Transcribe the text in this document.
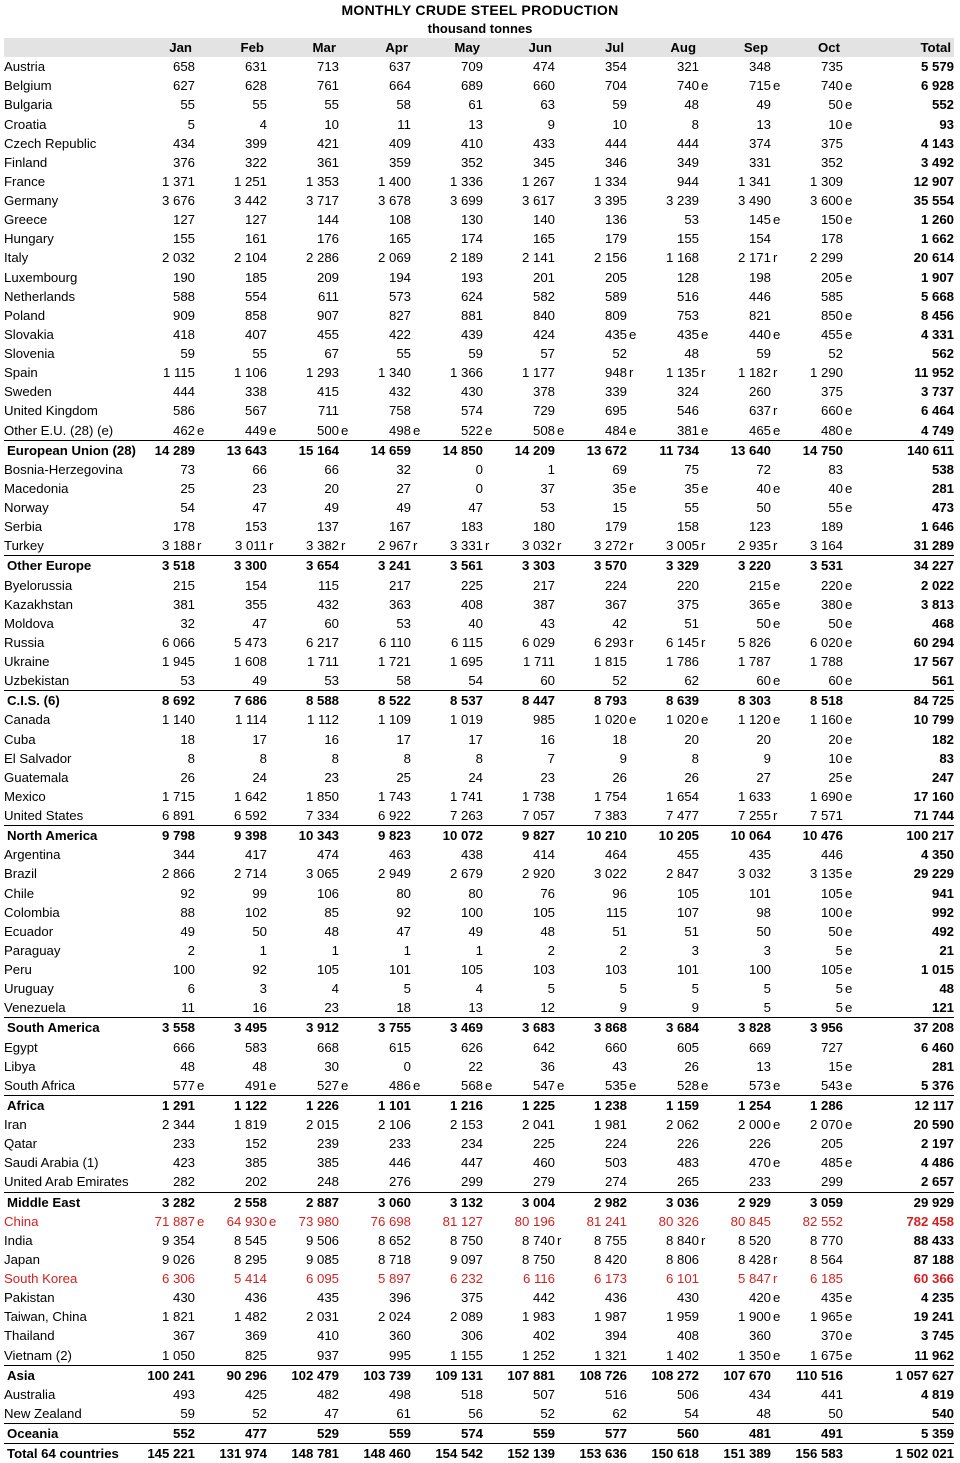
MONTHLY CRUDE STEEL PRODUCTION
thousand tonnes
	Jan	Feb	Mar	Apr	May	Jun	Jul	Aug	Sep	Oct	Total
Austria	658	631	713	637	709	474	354	321	348	735	5 579
Belgium	627	628	761	664	689	660	704	740 e	715 e	740 e	6 928
Bulgaria	55	55	55	58	61	63	59	48	49	50 e	552
Croatia	5	4	10	11	13	9	10	8	13	10 e	93
Czech Republic	434	399	421	409	410	433	444	444	374	375	4 143
Finland	376	322	361	359	352	345	346	349	331	352	3 492
France	1 371	1 251	1 353	1 400	1 336	1 267	1 334	944	1 341	1 309	12 907
Germany	3 676	3 442	3 717	3 678	3 699	3 617	3 395	3 239	3 490	3 600 e	35 554
Greece	127	127	144	108	130	140	136	53	145 e	150 e	1 260
Hungary	155	161	176	165	174	165	179	155	154	178	1 662
Italy	2 032	2 104	2 286	2 069	2 189	2 141	2 156	1 168	2 171 r	2 299	20 614
Luxembourg	190	185	209	194	193	201	205	128	198	205 e	1 907
Netherlands	588	554	611	573	624	582	589	516	446	585	5 668
Poland	909	858	907	827	881	840	809	753	821	850 e	8 456
Slovakia	418	407	455	422	439	424	435 e	435 e	440 e	455 e	4 331
Slovenia	59	55	67	55	59	57	52	48	59	52	562
Spain	1 115	1 106	1 293	1 340	1 366	1 177	948 r	1 135 r	1 182 r	1 290	11 952
Sweden	444	338	415	432	430	378	339	324	260	375	3 737
United Kingdom	586	567	711	758	574	729	695	546	637 r	660 e	6 464
Other E.U. (28) (e)	462 e	449 e	500 e	498 e	522 e	508 e	484 e	381 e	465 e	480 e	4 749
European Union (28)	14 289	13 643	15 164	14 659	14 850	14 209	13 672	11 734	13 640	14 750	140 611
Bosnia-Herzegovina	73	66	66	32	0	1	69	75	72	83	538
Macedonia	25	23	20	27	0	37	35 e	35 e	40 e	40 e	281
Norway	54	47	49	49	47	53	15	55	50	55 e	473
Serbia	178	153	137	167	183	180	179	158	123	189	1 646
Turkey	3 188 r	3 011 r	3 382 r	2 967 r	3 331 r	3 032 r	3 272 r	3 005 r	2 935 r	3 164	31 289
Other Europe	3 518	3 300	3 654	3 241	3 561	3 303	3 570	3 329	3 220	3 531	34 227
Byelorussia	215	154	115	217	225	217	224	220	215 e	220 e	2 022
Kazakhstan	381	355	432	363	408	387	367	375	365 e	380 e	3 813
Moldova	32	47	60	53	40	43	42	51	50 e	50 e	468
Russia	6 066	5 473	6 217	6 110	6 115	6 029	6 293 r	6 145 r	5 826	6 020 e	60 294
Ukraine	1 945	1 608	1 711	1 721	1 695	1 711	1 815	1 786	1 787	1 788	17 567
Uzbekistan	53	49	53	58	54	60	52	62	60 e	60 e	561
C.I.S. (6)	8 692	7 686	8 588	8 522	8 537	8 447	8 793	8 639	8 303	8 518	84 725
Canada	1 140	1 114	1 112	1 109	1 019	985	1 020 e	1 020 e	1 120 e	1 160 e	10 799
Cuba	18	17	16	17	17	16	18	20	20	20 e	182
El Salvador	8	8	8	8	8	7	9	8	9	10 e	83
Guatemala	26	24	23	25	24	23	26	26	27	25 e	247
Mexico	1 715	1 642	1 850	1 743	1 741	1 738	1 754	1 654	1 633	1 690 e	17 160
United States	6 891	6 592	7 334	6 922	7 263	7 057	7 383	7 477	7 255 r	7 571	71 744
North America	9 798	9 398	10 343	9 823	10 072	9 827	10 210	10 205	10 064	10 476	100 217
Argentina	344	417	474	463	438	414	464	455	435	446	4 350
Brazil	2 866	2 714	3 065	2 949	2 679	2 920	3 022	2 847	3 032	3 135 e	29 229
Chile	92	99	106	80	80	76	96	105	101	105 e	941
Colombia	88	102	85	92	100	105	115	107	98	100 e	992
Ecuador	49	50	48	47	49	48	51	51	50	50 e	492
Paraguay	2	1	1	1	1	2	2	3	3	5 e	21
Peru	100	92	105	101	105	103	103	101	100	105 e	1 015
Uruguay	6	3	4	5	4	5	5	5	5	5 e	48
Venezuela	11	16	23	18	13	12	9	9	5	5 e	121
South America	3 558	3 495	3 912	3 755	3 469	3 683	3 868	3 684	3 828	3 956	37 208
Egypt	666	583	668	615	626	642	660	605	669	727	6 460
Libya	48	48	30	0	22	36	43	26	13	15 e	281
South Africa	577 e	491 e	527 e	486 e	568 e	547 e	535 e	528 e	573 e	543 e	5 376
Africa	1 291	1 122	1 226	1 101	1 216	1 225	1 238	1 159	1 254	1 286	12 117
Iran	2 344	1 819	2 015	2 106	2 153	2 041	1 981	2 062	2 000 e	2 070 e	20 590
Qatar	233	152	239	233	234	225	224	226	226	205	2 197
Saudi Arabia (1)	423	385	385	446	447	460	503	483	470 e	485 e	4 486
United Arab Emirates	282	202	248	276	299	279	274	265	233	299	2 657
Middle East	3 282	2 558	2 887	3 060	3 132	3 004	2 982	3 036	2 929	3 059	29 929
China	71 887 e	64 930 e	73 980	76 698	81 127	80 196	81 241	80 326	80 845	82 552	782 458
India	9 354	8 545	9 506	8 652	8 750	8 740 r	8 755	8 840 r	8 520	8 770	88 433
Japan	9 026	8 295	9 085	8 718	9 097	8 750	8 420	8 806	8 428 r	8 564	87 188
South Korea	6 306	5 414	6 095	5 897	6 232	6 116	6 173	6 101	5 847 r	6 185	60 366
Pakistan	430	436	435	396	375	442	436	430	420 e	435 e	4 235
Taiwan, China	1 821	1 482	2 031	2 024	2 089	1 983	1 987	1 959	1 900 e	1 965 e	19 241
Thailand	367	369	410	360	306	402	394	408	360	370 e	3 745
Vietnam (2)	1 050	825	937	995	1 155	1 252	1 321	1 402	1 350 e	1 675 e	11 962
Asia	100 241	90 296	102 479	103 739	109 131	107 881	108 726	108 272	107 670	110 516	1 057 627
Australia	493	425	482	498	518	507	516	506	434	441	4 819
New Zealand	59	52	47	61	56	52	62	54	48	50	540
Oceania	552	477	529	559	574	559	577	560	481	491	5 359
Total 64 countries	145 221	131 974	148 781	148 460	154 542	152 139	153 636	150 618	151 389	156 583	1 502 021
